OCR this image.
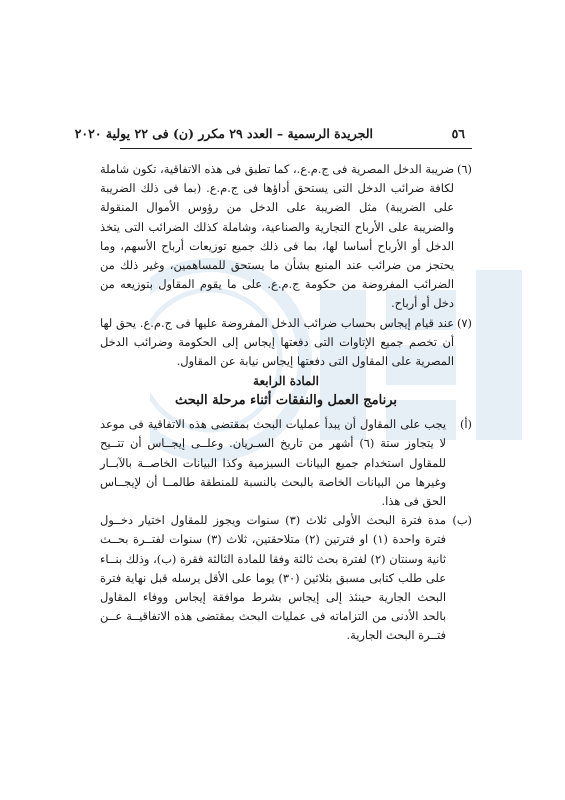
٥٦
الجريدة الرسمية – العدد ٢٩ مكرر (ن) فى ٢٢ يولية ٢٠٢٠

(٦)
ضريبة الدخل المصرية فى ج.م.ع.، كما تطبق فى هذه الاتفاقية، تكون شاملة لكافة ضرائب الدخل التى يستحق أداؤها فى ج.م.ع. (بما فى ذلك الضريبة على الضريبة) مثل الضريبة على الدخل من رؤوس الأموال المنقولة والضريبة على الأرباح التجارية والصناعية، وشاملة كذلك الضرائب التى يتخذ الدخل أو الأرباح أساسا لها، بما فى ذلك جميع توزيعات أرباح الأسهم، وما يحتجز من ضرائب عند المنبع بشأن ما يستحق للمساهمين، وغير ذلك من الضرائب المفروضة من حكومة ج.م.ع. على ما يقوم المقاول بتوزيعه من دخل أو أرباح.

(٧)
عند قيام إيجاس بحساب ضرائب الدخل المفروضة عليها فى ج.م.ع. يحق لها أن تخصم جميع الإتاوات التى دفعتها إيجاس إلى الحكومة وضرائب الدخل المصرية على المقاول التى دفعتها إيجاس نيابة عن المقاول.

المادة الرابعة

برنامج العمل والنفقات أثناء مرحلة البحث

(أ)
يجب على المقاول أن يبدأ عمليات البحث بمقتضى هذه الاتفاقية فى موعد لا يتجاوز ستة (٦) أشهر من تاريخ السـريان. وعلــى إيجــاس أن تتــيح للمقاول استخدام جميع البيانات السيزمية وكذا البيانات الخاصــة بالآبــار وغيرها من البيانات الخاصة بالبحث بالنسبة للمنطقة طالمــا أن لإيجــاس الحق فى هذا.

(ب)
مدة فترة البحث الأولى ثلاث (٣) سنوات ويجوز للمقاول اختيار دخــول فترة واحدة (١) او فترتين (٢) متلاحقتين، ثلاث (٣) سنوات لفتــرة بحــث ثانية وسنتان (٢) لفترة بحث ثالثة وفقا للمادة الثالثة فقرة (ب)، وذلك بنــاء على طلب كتابى مسبق بثلاثين (٣٠) يوما على الأقل يرسله قبل نهاية فترة البحث الجارية حينئذ إلى إيجاس بشرط موافقة إيجاس ووفاء المقاول بالحد الأدنى من التزاماته فى عمليات البحث بمقتضى هذه الاتفاقيــة عــن فتــرة البحث الجارية.
